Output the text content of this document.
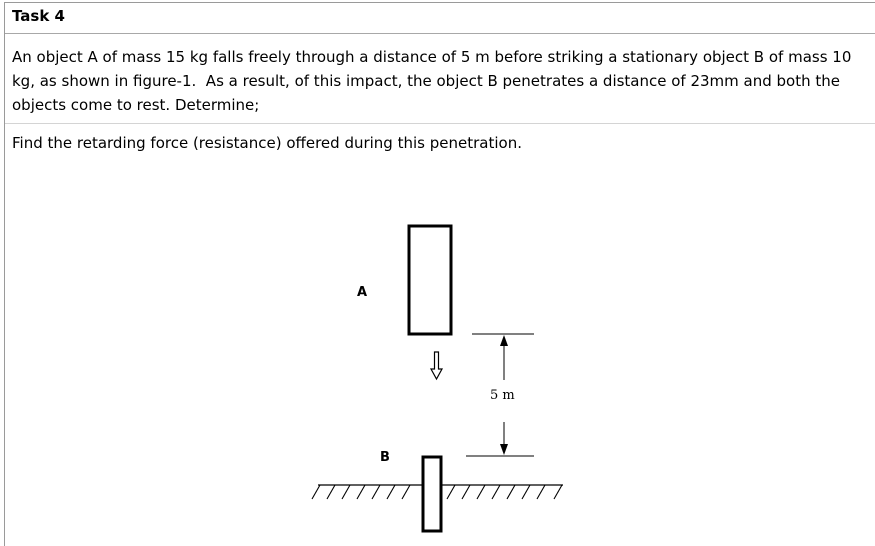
Task 4

An object A of mass 15 kg falls freely through a distance of 5 m before striking a stationary object B of mass 10 kg, as shown in figure-1.  As a result, of this impact, the object B penetrates a distance of 23mm and both the objects come to rest. Determine;

Find the retarding force (resistance) offered during this penetration.

A
5 m
B
